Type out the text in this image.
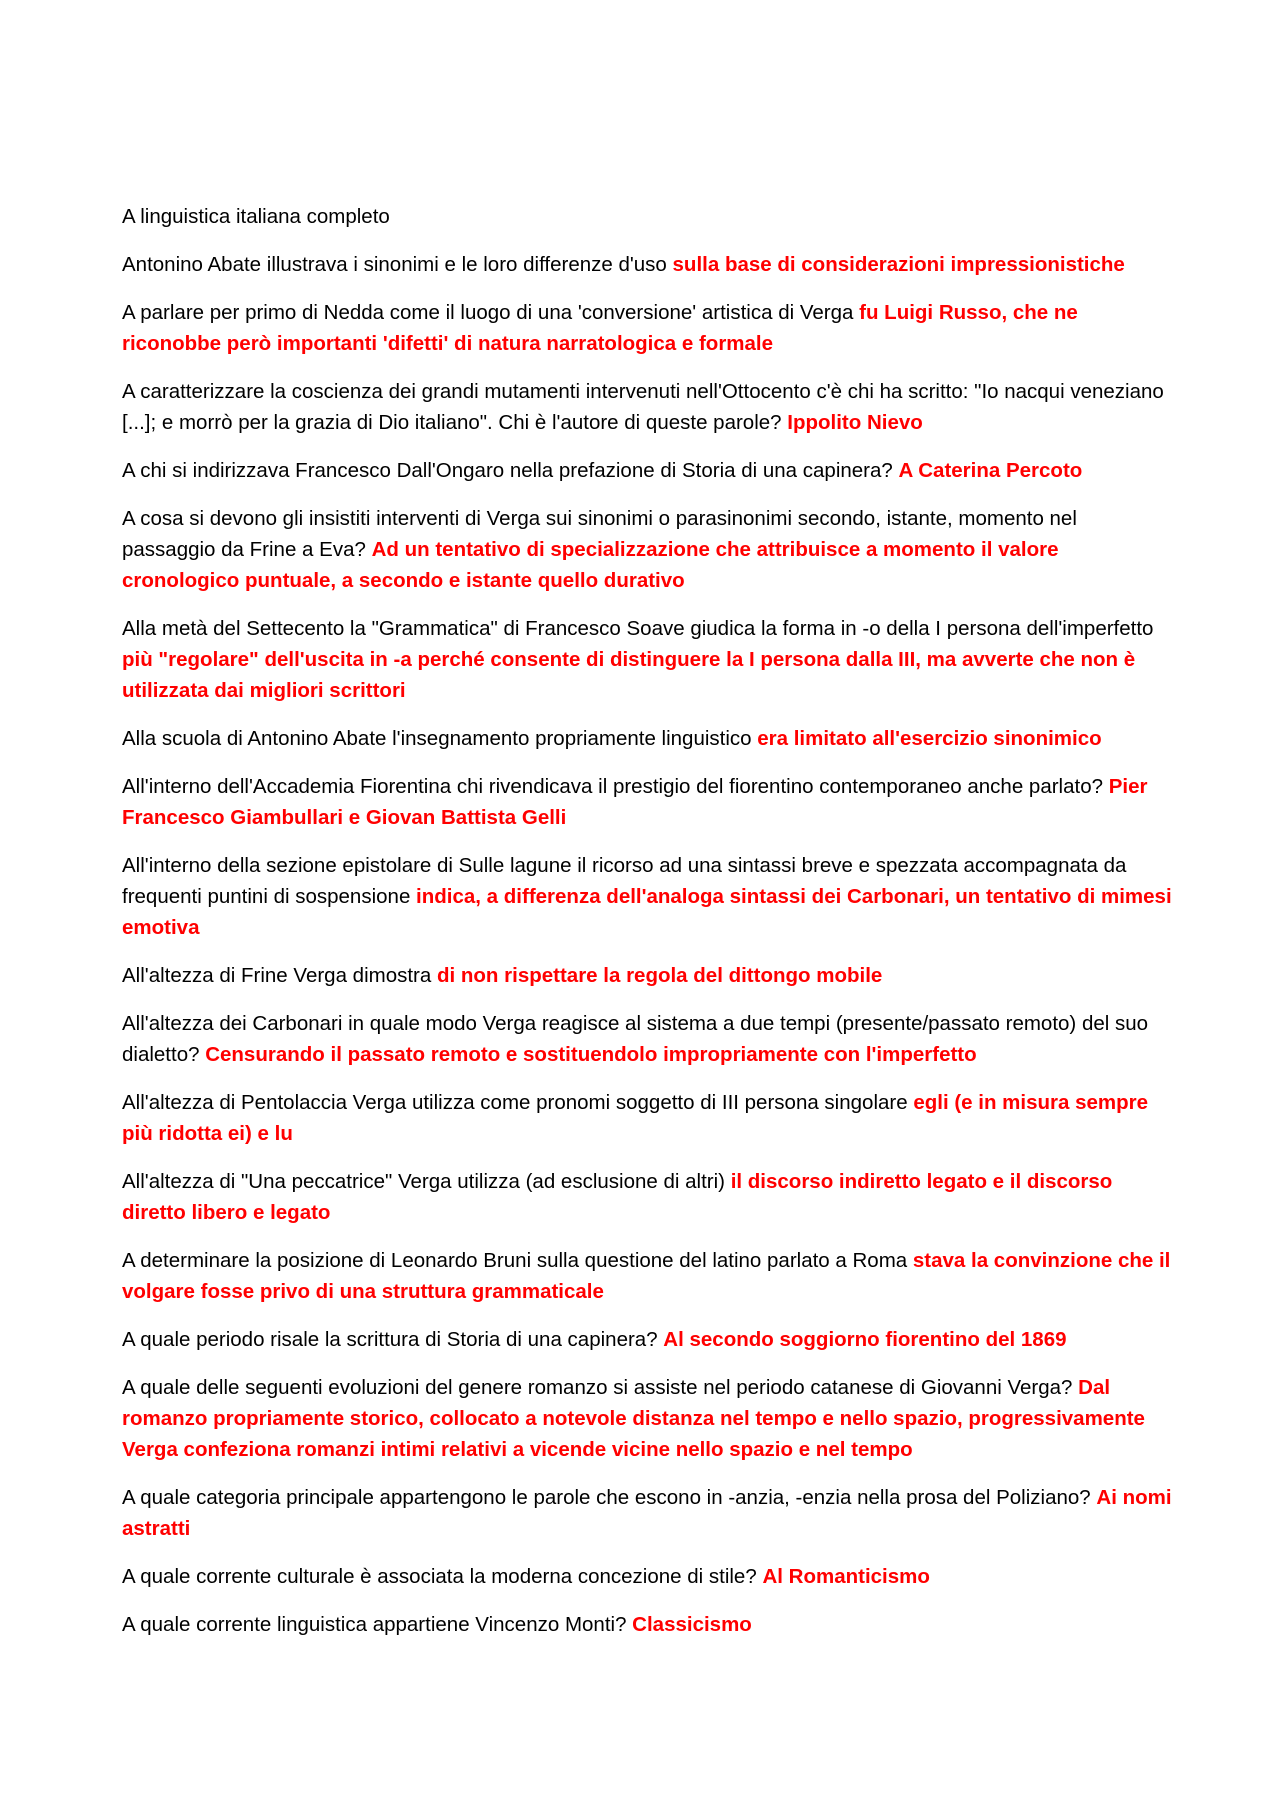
A linguistica italiana completo

Antonino Abate illustrava i sinonimi e le loro differenze d'uso sulla base di considerazioni impressionistiche

A parlare per primo di Nedda come il luogo di una 'conversione' artistica di Verga fu Luigi Russo, che ne riconobbe però importanti 'difetti' di natura narratologica e formale

A caratterizzare la coscienza dei grandi mutamenti intervenuti nell'Ottocento c'è chi ha scritto: "Io nacqui veneziano [...]; e morrò per la grazia di Dio italiano". Chi è l'autore di queste parole? Ippolito Nievo

A chi si indirizzava Francesco Dall'Ongaro nella prefazione di Storia di una capinera? A Caterina Percoto

A cosa si devono gli insistiti interventi di Verga sui sinonimi o parasinonimi secondo, istante, momento nel passaggio da Frine a Eva? Ad un tentativo di specializzazione che attribuisce a momento il valore cronologico puntuale, a secondo e istante quello durativo

Alla metà del Settecento la "Grammatica" di Francesco Soave giudica la forma in -o della I persona dell'imperfetto più "regolare" dell'uscita in -a perché consente di distinguere la I persona dalla III, ma avverte che non è utilizzata dai migliori scrittori

Alla scuola di Antonino Abate l'insegnamento propriamente linguistico era limitato all'esercizio sinonimico

All'interno dell'Accademia Fiorentina chi rivendicava il prestigio del fiorentino contemporaneo anche parlato? Pier Francesco Giambullari e Giovan Battista Gelli

All'interno della sezione epistolare di Sulle lagune il ricorso ad una sintassi breve e spezzata accompagnata da frequenti puntini di sospensione indica, a differenza dell'analoga sintassi dei Carbonari, un tentativo di mimesi emotiva

All'altezza di Frine Verga dimostra di non rispettare la regola del dittongo mobile

All'altezza dei Carbonari in quale modo Verga reagisce al sistema a due tempi (presente/passato remoto) del suo dialetto? Censurando il passato remoto e sostituendolo impropriamente con l'imperfetto

All'altezza di Pentolaccia Verga utilizza come pronomi soggetto di III persona singolare egli (e in misura sempre più ridotta ei) e lu

All'altezza di "Una peccatrice" Verga utilizza (ad esclusione di altri) il discorso indiretto legato e il discorso diretto libero e legato

A determinare la posizione di Leonardo Bruni sulla questione del latino parlato a Roma stava la convinzione che il volgare fosse privo di una struttura grammaticale

A quale periodo risale la scrittura di Storia di una capinera? Al secondo soggiorno fiorentino del 1869

A quale delle seguenti evoluzioni del genere romanzo si assiste nel periodo catanese di Giovanni Verga? Dal romanzo propriamente storico, collocato a notevole distanza nel tempo e nello spazio, progressivamente Verga confeziona romanzi intimi relativi a vicende vicine nello spazio e nel tempo

A quale categoria principale appartengono le parole che escono in -anzia, -enzia nella prosa del Poliziano? Ai nomi astratti

A quale corrente culturale è associata la moderna concezione di stile? Al Romanticismo

A quale corrente linguistica appartiene Vincenzo Monti? Classicismo
